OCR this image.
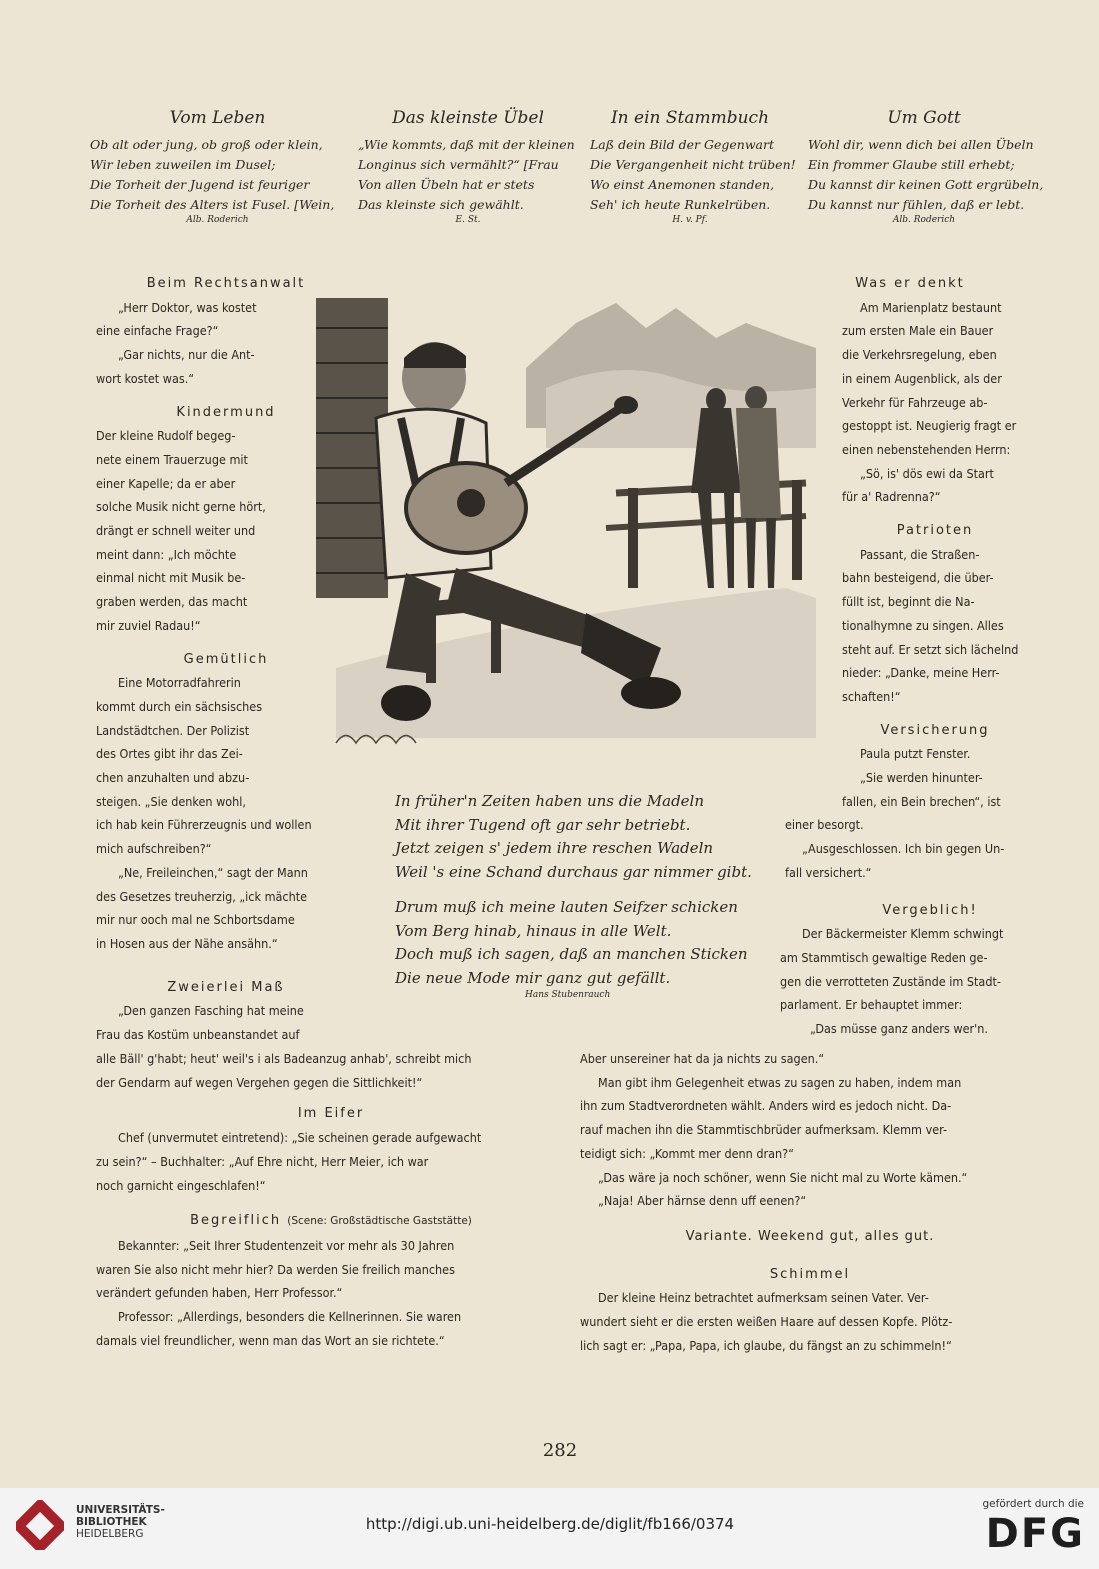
Vom Leben
Ob alt oder jung, ob groß oder klein,
Wir leben zuweilen im Dusel;
Die Torheit der Jugend ist feuriger
Die Torheit des Alters ist Fusel. [Wein,
Alb. Roderich
Das kleinste Übel
„Wie kommts, daß mit der kleinen
Longinus sich vermählt?“ [Frau
Von allen Übeln hat er stets
Das kleinste sich gewählt.
E. St.
In ein Stammbuch
Laß dein Bild der Gegenwart
Die Vergangenheit nicht trüben!
Wo einst Anemonen standen,
Seh' ich heute Runkelrüben.
H. v. Pf.
Um Gott
Wohl dir, wenn dich bei allen Übeln
Ein frommer Glaube still erhebt;
Du kannst dir keinen Gott ergrübeln,
Du kannst nur fühlen, daß er lebt.
Alb. Roderich
Beim Rechtsanwalt
„Herr Doktor, was kostet
eine einfache Frage?“
„Gar nichts, nur die Ant-
wort kostet was.“
Kindermund
Der kleine Rudolf begeg-
nete einem Trauerzuge mit
einer Kapelle; da er aber
solche Musik nicht gerne hört,
drängt er schnell weiter und
meint dann: „Ich möchte
einmal nicht mit Musik be-
graben werden, das macht
mir zuviel Radau!“
Gemütlich
Eine Motorradfahrerin
kommt durch ein sächsisches
Landstädtchen. Der Polizist
des Ortes gibt ihr das Zei-
chen anzuhalten und abzu-
steigen. „Sie denken wohl,
ich hab kein Führerzeugnis und wollen
mich aufschreiben?“
„Ne, Freileinchen,“ sagt der Mann
des Gesetzes treuherzig, „ick mächte
mir nur ooch mal ne Schbortsdame
in Hosen aus der Nähe ansähn.“
Zweierlei Maß
„Den ganzen Fasching hat meine
Frau das Kostüm unbeanstandet auf
Was er denkt
Am Marienplatz bestaunt
zum ersten Male ein Bauer
die Verkehrsregelung, eben
in einem Augenblick, als der
Verkehr für Fahrzeuge ab-
gestoppt ist. Neugierig fragt er
einen nebenstehenden Herrn:
„Sö, is' dös ewi da Start
für a' Radrenna?“
Patrioten
Passant, die Straßen-
bahn besteigend, die über-
füllt ist, beginnt die Na-
tionalhymne zu singen. Alles
steht auf. Er setzt sich lächelnd
nieder: „Danke, meine Herr-
schaften!“
Versicherung
Paula putzt Fenster.
„Sie werden hinunter-
fallen, ein Bein brechen“, ist
einer besorgt.
„Ausgeschlossen. Ich bin gegen Un-
fall versichert.“
Vergeblich!
Der Bäckermeister Klemm schwingt
am Stammtisch gewaltige Reden ge-
gen die verrotteten Zustände im Stadt-
parlament. Er behauptet immer:
„Das müsse ganz anders wer'n.
In früher'n Zeiten haben uns die Madeln
Mit ihrer Tugend oft gar sehr betriebt.
Jetzt zeigen s' jedem ihre reschen Wadeln
Weil 's eine Schand durchaus gar nimmer gibt.
Drum muß ich meine lauten Seifzer schicken
Vom Berg hinab, hinaus in alle Welt.
Doch muß ich sagen, daß an manchen Sticken
Die neue Mode mir ganz gut gefällt.
Hans Stubenrauch
alle Bäll' g'habt; heut' weil's i als Badeanzug anhab', schreibt mich
der Gendarm auf wegen Vergehen gegen die Sittlichkeit!“
Im Eifer
Chef (unvermutet eintretend): „Sie scheinen gerade aufgewacht
zu sein?“ – Buchhalter: „Auf Ehre nicht, Herr Meier, ich war
noch garnicht eingeschlafen!“
Begreiflich (Scene: Großstädtische Gaststätte)
Bekannter: „Seit Ihrer Studentenzeit vor mehr als 30 Jahren
waren Sie also nicht mehr hier? Da werden Sie freilich manches
verändert gefunden haben, Herr Professor.“
Professor: „Allerdings, besonders die Kellnerinnen. Sie waren
damals viel freundlicher, wenn man das Wort an sie richtete.“
Aber unsereiner hat da ja nichts zu sagen.“
Man gibt ihm Gelegenheit etwas zu sagen zu haben, indem man
ihn zum Stadtverordneten wählt. Anders wird es jedoch nicht. Da-
rauf machen ihn die Stammtischbrüder aufmerksam. Klemm ver-
teidigt sich: „Kommt mer denn dran?“
„Das wäre ja noch schöner, wenn Sie nicht mal zu Worte kämen.“
„Naja! Aber härnse denn uff eenen?“
Variante. Weekend gut, alles gut.
Schimmel
Der kleine Heinz betrachtet aufmerksam seinen Vater. Ver-
wundert sieht er die ersten weißen Haare auf dessen Kopfe. Plötz-
lich sagt er: „Papa, Papa, ich glaube, du fängst an zu schimmeln!“
282
UNIVERSITÄTS-
BIBLIOTHEK
HEIDELBERG
http://digi.ub.uni-heidelberg.de/diglit/fb166/0374
gefördert durch die
DFG
